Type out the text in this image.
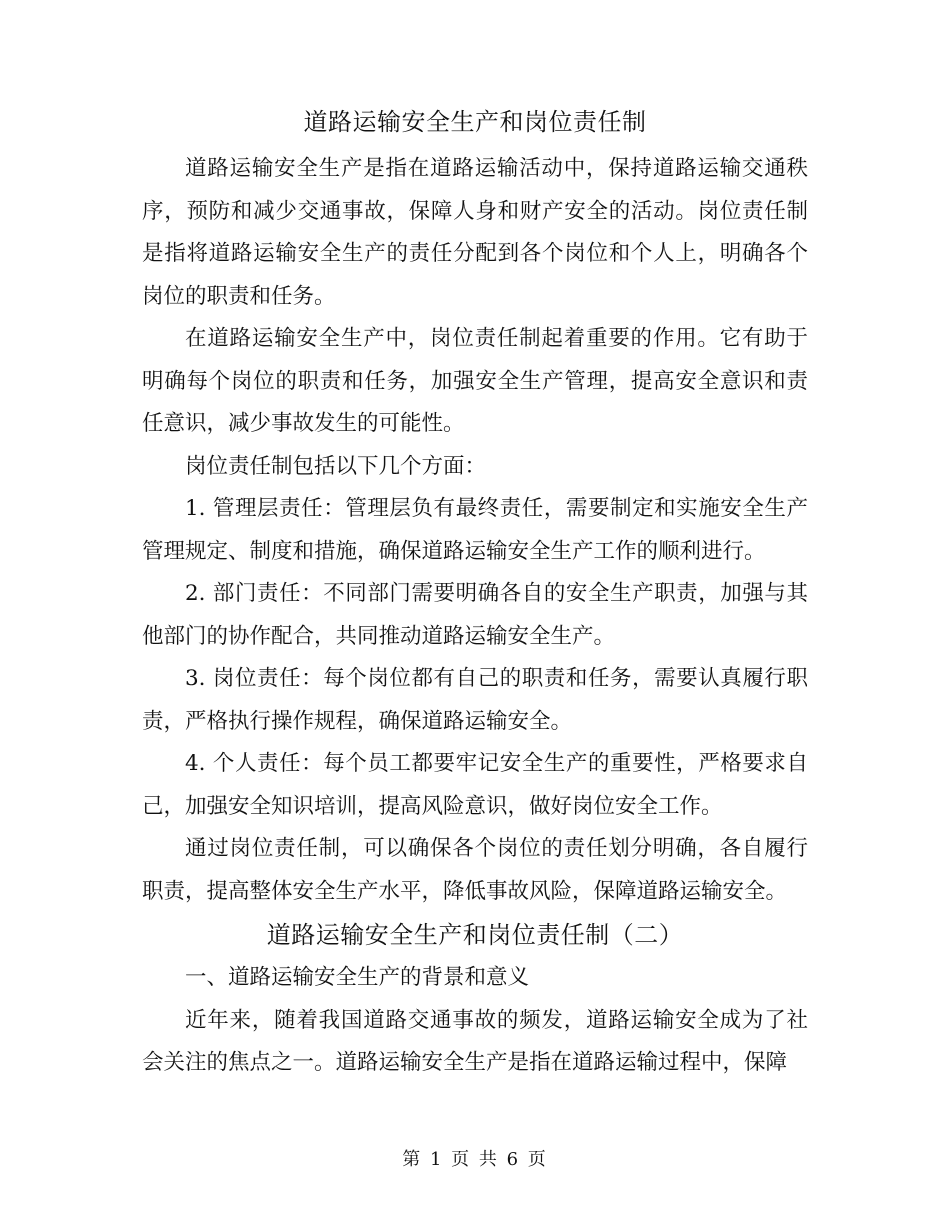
道路运输安全生产和岗位责任制

道路运输安全生产是指在道路运输活动中，保持道路运输交通秩序，预防和减少交通事故，保障人身和财产安全的活动。岗位责任制是指将道路运输安全生产的责任分配到各个岗位和个人上，明确各个岗位的职责和任务。

在道路运输安全生产中，岗位责任制起着重要的作用。它有助于明确每个岗位的职责和任务，加强安全生产管理，提高安全意识和责任意识，减少事故发生的可能性。

岗位责任制包括以下几个方面：

1. 管理层责任：管理层负有最终责任，需要制定和实施安全生产管理规定、制度和措施，确保道路运输安全生产工作的顺利进行。

2. 部门责任：不同部门需要明确各自的安全生产职责，加强与其他部门的协作配合，共同推动道路运输安全生产。

3. 岗位责任：每个岗位都有自己的职责和任务，需要认真履行职责，严格执行操作规程，确保道路运输安全。

4. 个人责任：每个员工都要牢记安全生产的重要性，严格要求自己，加强安全知识培训，提高风险意识，做好岗位安全工作。

通过岗位责任制，可以确保各个岗位的责任划分明确，各自履行职责，提高整体安全生产水平，降低事故风险，保障道路运输安全。

道路运输安全生产和岗位责任制（二）

一、道路运输安全生产的背景和意义

近年来，随着我国道路交通事故的频发，道路运输安全成为了社会关注的焦点之一。道路运输安全生产是指在道路运输过程中，保障

第 1 页 共 6 页
